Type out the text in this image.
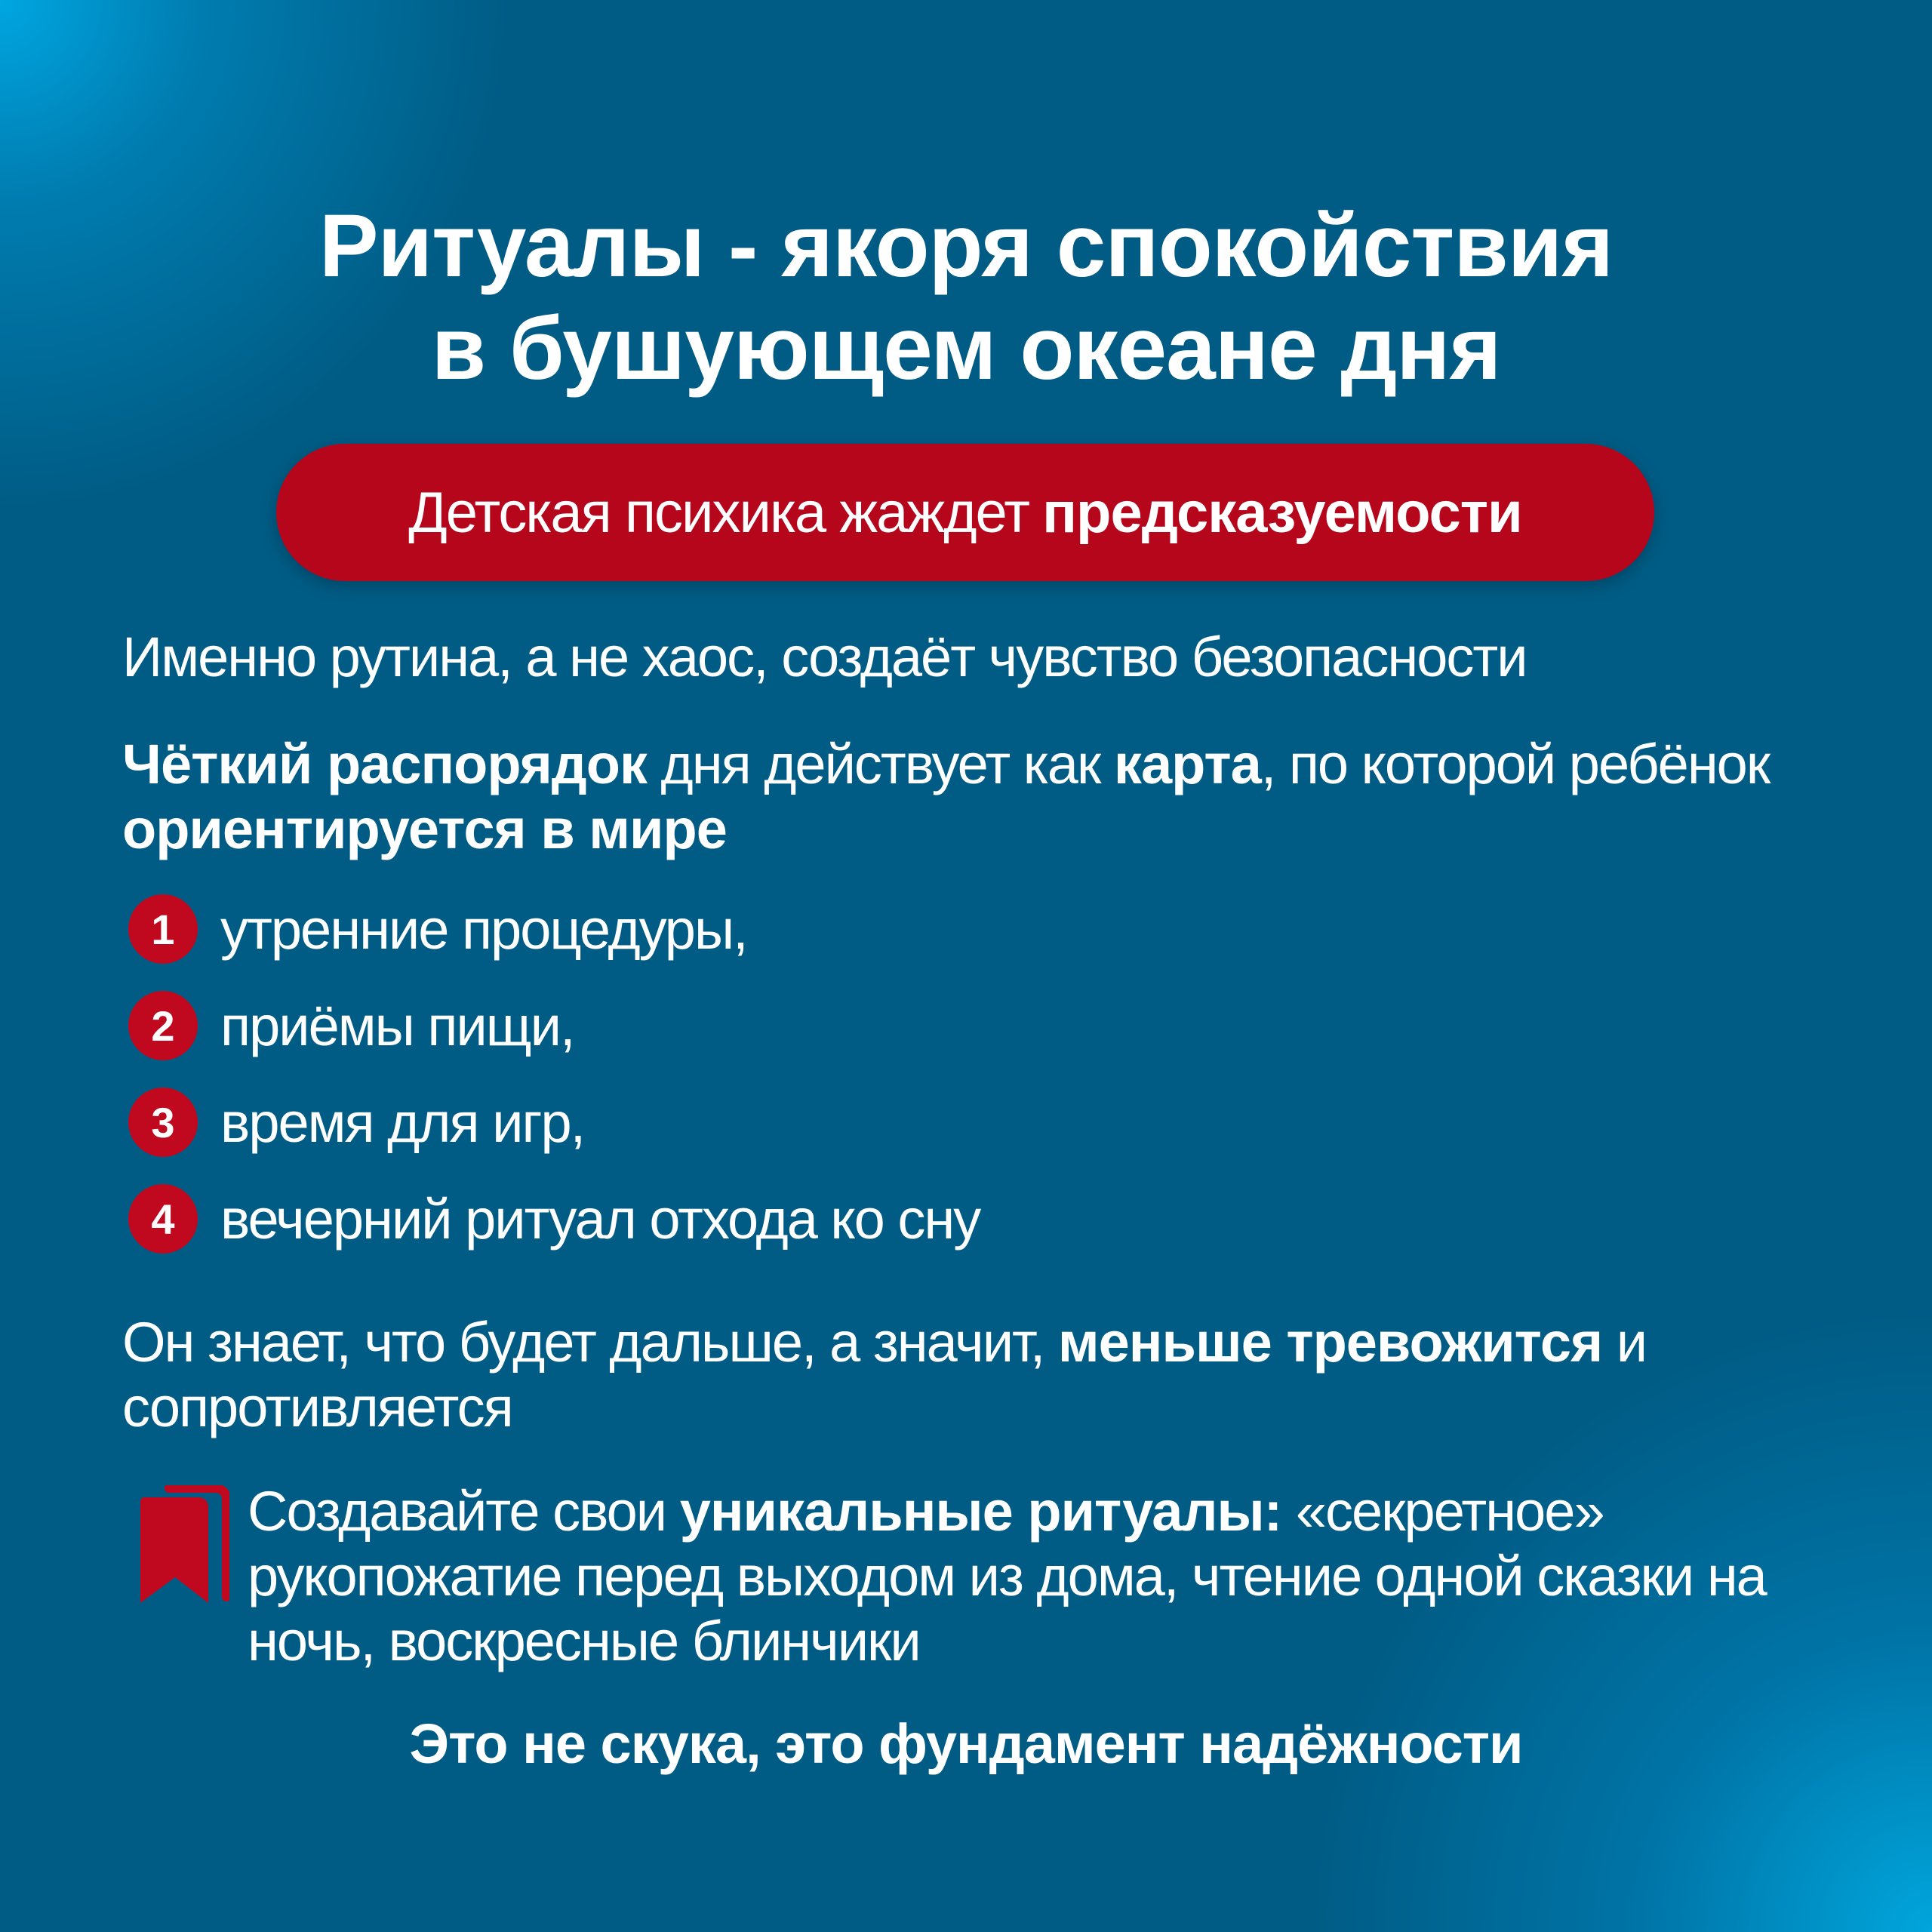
Ритуалы - якоря спокойствия
в бушующем океане дня
Детская психика жаждет предсказуемости
Именно рутина, а не хаос, создаёт чувство безопасности
Чёткий распорядок дня действует как карта, по которой ребёнок ориентируется в мире
1 утренние процедуры,
2 приёмы пищи,
3 время для игр,
4 вечерний ритуал отхода ко сну
Он знает, что будет дальше, а значит, меньше тревожится и сопротивляется
Создавайте свои уникальные ритуалы: «секретное» рукопожатие перед выходом из дома, чтение одной сказки на ночь, воскресные блинчики
Это не скука, это фундамент надёжности
